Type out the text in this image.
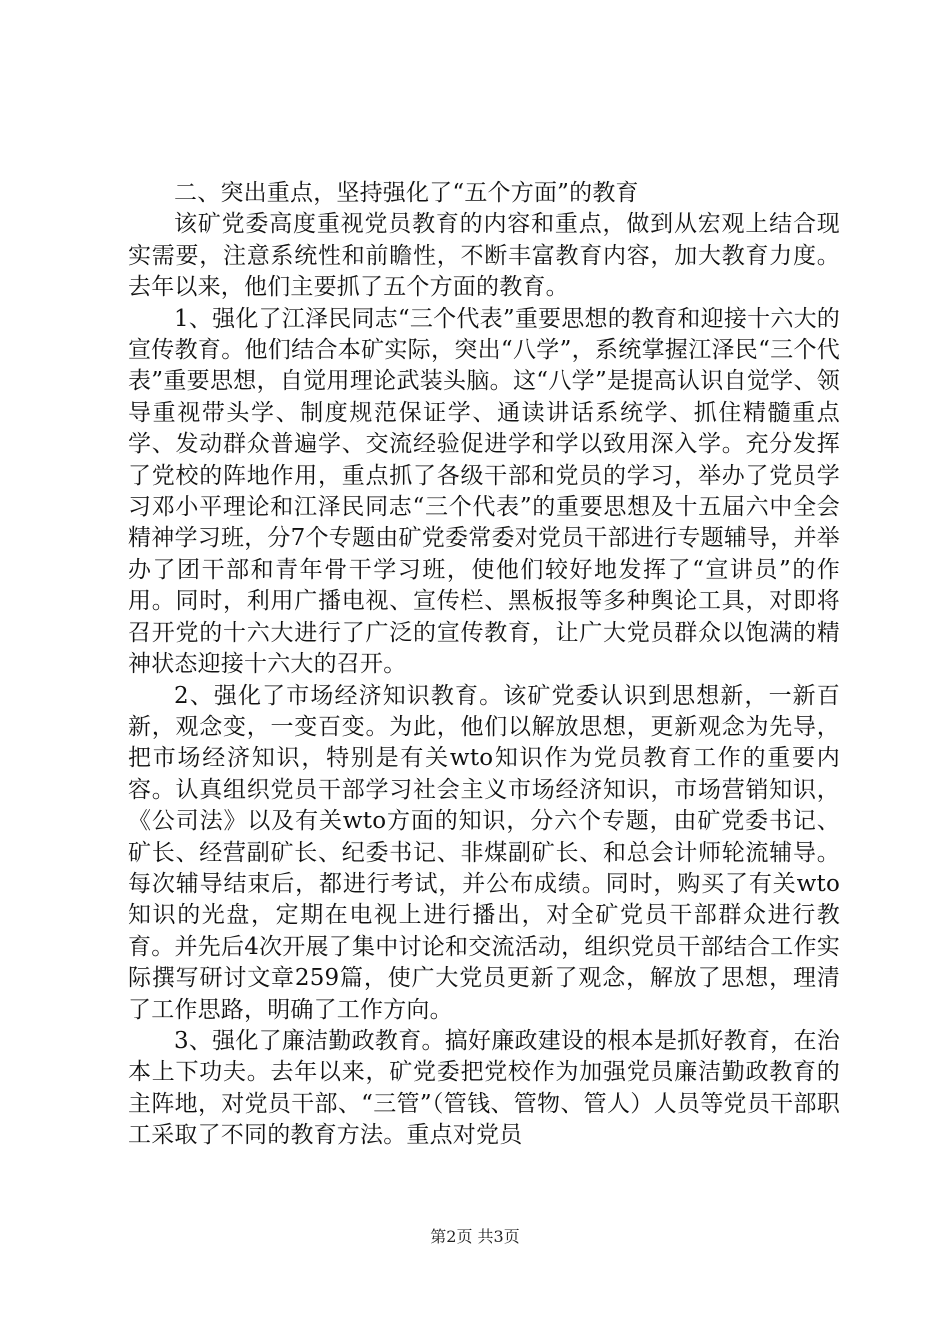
二、突出重点，坚持强化了“五个方面”的教育

该矿党委高度重视党员教育的内容和重点，做到从宏观上结合现实需要，注意系统性和前瞻性，不断丰富教育内容，加大教育力度。去年以来，他们主要抓了五个方面的教育。

1、强化了江泽民同志“三个代表”重要思想的教育和迎接十六大的宣传教育。他们结合本矿实际，突出“八学”，系统掌握江泽民“三个代表”重要思想，自觉用理论武装头脑。这“八学”是提高认识自觉学、领导重视带头学、制度规范保证学、通读讲话系统学、抓住精髓重点学、发动群众普遍学、交流经验促进学和学以致用深入学。充分发挥了党校的阵地作用，重点抓了各级干部和党员的学习，举办了党员学习邓小平理论和江泽民同志“三个代表”的重要思想及十五届六中全会精神学习班，分7个专题由矿党委常委对党员干部进行专题辅导，并举办了团干部和青年骨干学习班，使他们较好地发挥了“宣讲员”的作用。同时，利用广播电视、宣传栏、黑板报等多种舆论工具，对即将召开党的十六大进行了广泛的宣传教育，让广大党员群众以饱满的精神状态迎接十六大的召开。

2、强化了市场经济知识教育。该矿党委认识到思想新，一新百新，观念变，一变百变。为此，他们以解放思想，更新观念为先导，把市场经济知识，特别是有关wto知识作为党员教育工作的重要内容。认真组织党员干部学习社会主义市场经济知识，市场营销知识，《公司法》以及有关wto方面的知识，分六个专题，由矿党委书记、矿长、经营副矿长、纪委书记、非煤副矿长、和总会计师轮流辅导。每次辅导结束后，都进行考试，并公布成绩。同时，购买了有关wto知识的光盘，定期在电视上进行播出，对全矿党员干部群众进行教育。并先后4次开展了集中讨论和交流活动，组织党员干部结合工作实际撰写研讨文章259篇，使广大党员更新了观念，解放了思想，理清了工作思路，明确了工作方向。

3、强化了廉洁勤政教育。搞好廉政建设的根本是抓好教育，在治本上下功夫。去年以来，矿党委把党校作为加强党员廉洁勤政教育的主阵地，对党员干部、“三管”（管钱、管物、管人）人员等党员干部职工采取了不同的教育方法。重点对党员

第2页 共3页
